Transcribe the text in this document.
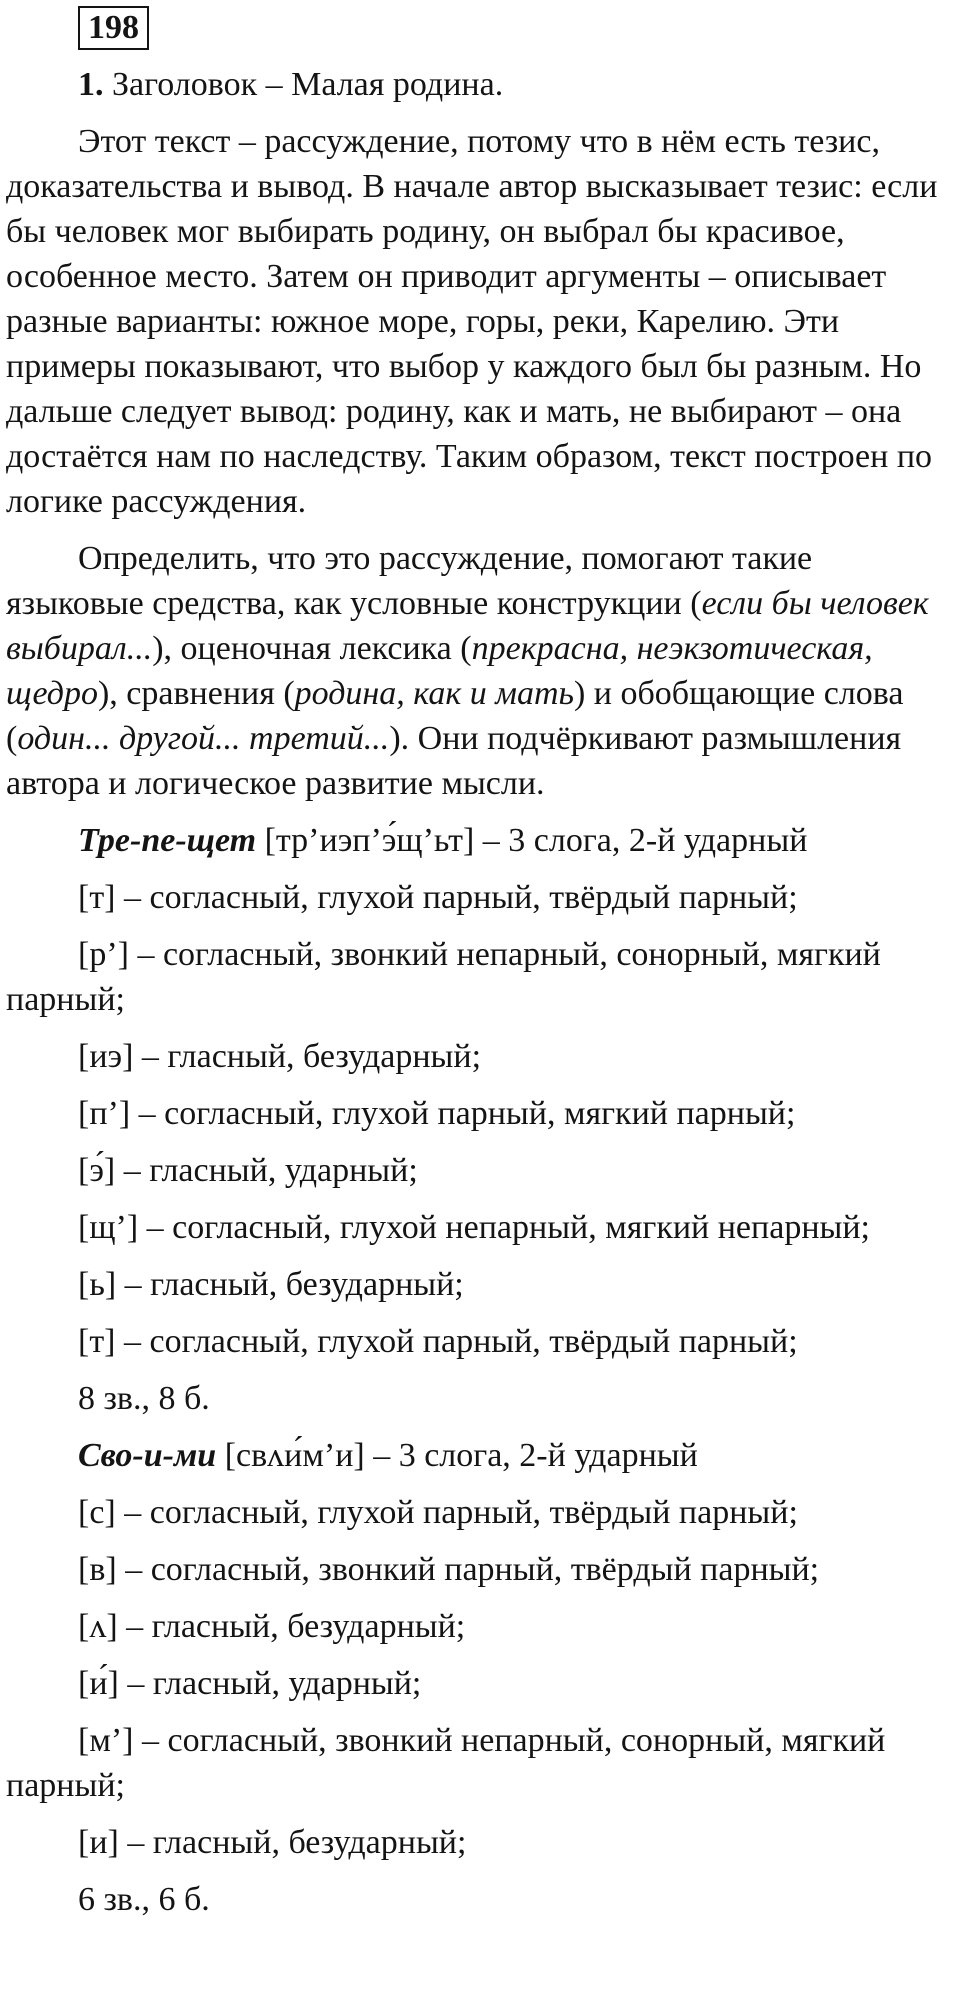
198

1. Заголовок – Малая родина.

Этот текст – рассуждение, потому что в нём есть тезис, доказательства и вывод. В начале автор высказывает тезис: если бы человек мог выбирать родину, он выбрал бы красивое, особенное место. Затем он приводит аргументы – описывает разные варианты: южное море, горы, реки, Карелию. Эти примеры показывают, что выбор у каждого был бы разным. Но дальше следует вывод: родину, как и мать, не выбирают – она достаётся нам по наследству. Таким образом, текст построен по логике рассуждения.

Определить, что это рассуждение, помогают такие языковые средства, как условные конструкции (если бы человек выбирал...), оценочная лексика (прекрасна, неэкзотическая, щедро), сравнения (родина, как и мать) и обобщающие слова (один... другой... третий...). Они подчёркивают размышления автора и логическое развитие мысли.

Тре-пе-щет [тр’иэп’э́щ’ьт] – 3 слога, 2-й ударный

[т] – согласный, глухой парный, твёрдый парный;

[р’] – согласный, звонкий непарный, сонорный, мягкий парный;

[иэ] – гласный, безударный;

[п’] – согласный, глухой парный, мягкий парный;

[э́] – гласный, ударный;

[щ’] – согласный, глухой непарный, мягкий непарный;

[ь] – гласный, безударный;

[т] – согласный, глухой парный, твёрдый парный;

8 зв., 8 б.

Сво-и-ми [свʌи́м’и] – 3 слога, 2-й ударный

[с] – согласный, глухой парный, твёрдый парный;

[в] – согласный, звонкий парный, твёрдый парный;

[ʌ] – гласный, безударный;

[и́] – гласный, ударный;

[м’] – согласный, звонкий непарный, сонорный, мягкий парный;

[и] – гласный, безударный;

6 зв., 6 б.
